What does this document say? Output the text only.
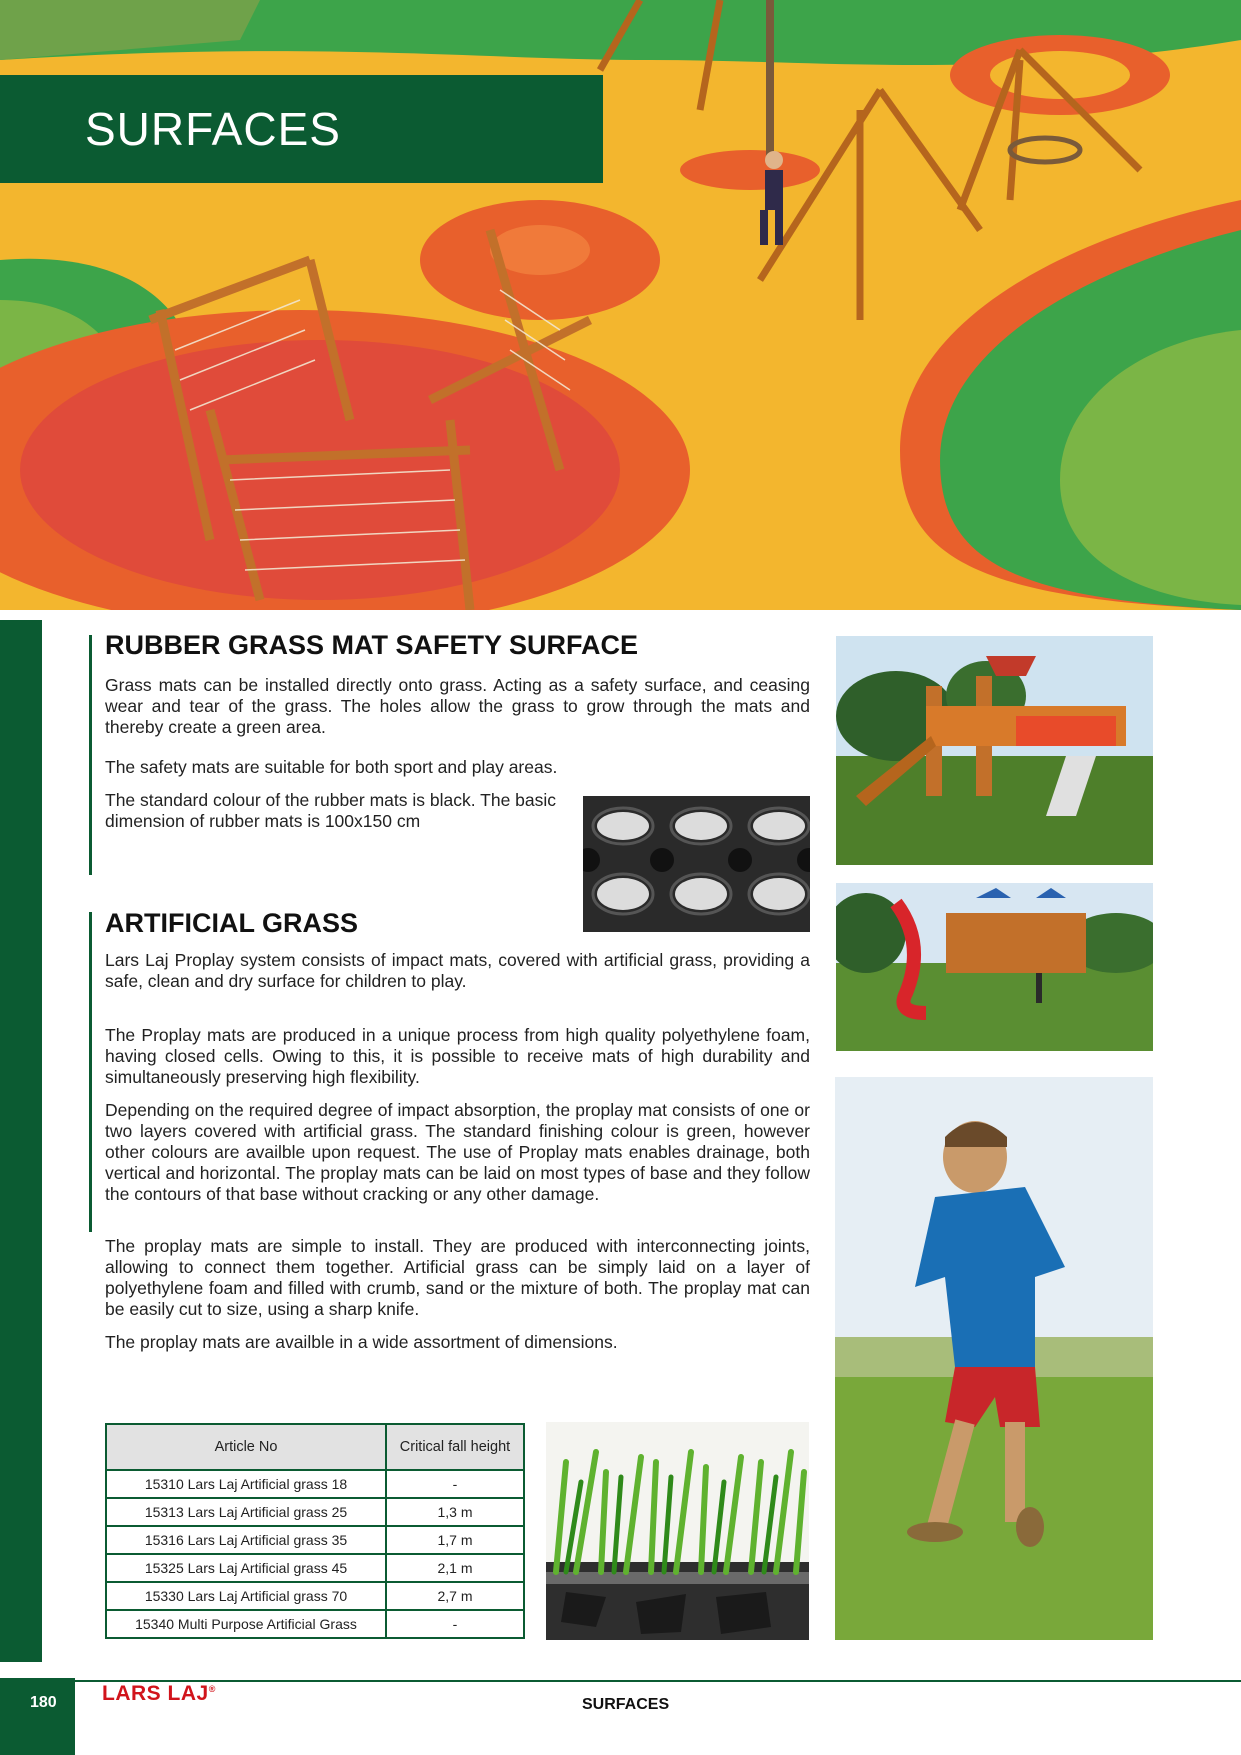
SURFACES
RUBBER GRASS MAT SAFETY SURFACE

Grass mats can be installed directly onto grass. Acting as a safety surface, and ceasing wear and tear of the grass. The holes allow the grass to grow through the mats and thereby create a green area.

The safety mats are suitable for both sport and play areas.

The standard colour of the rubber mats is black. The basic dimension of rubber mats is 100x150 cm

ARTIFICIAL GRASS

Lars Laj Proplay system consists of impact mats, covered with artificial grass, providing a safe, clean and dry surface for children to play.

The Proplay mats are produced in a unique process from high quality polyethylene foam, having closed cells. Owing to this, it is possible to receive mats of high durability and simultaneously preserving high flexibility.

Depending on the required degree of impact absorption, the proplay mat consists of one or two layers covered with artificial grass. The standard finishing colour is green, however other colours are availble upon request. The use of Proplay mats enables drainage, both vertical and horizontal. The proplay mats can be laid on most types of base and they follow the contours of that base without cracking or any other damage.

The proplay mats are simple to install. They are produced with interconnecting joints, allowing to connect them together. Artificial grass can be simply laid on a layer of polyethylene foam and filled with crumb, sand or the mixture of both. The proplay mat can be easily cut to size, using a sharp knife.

The proplay mats are availble in a wide assortment of dimensions.

Article No	Critical fall height
15310 Lars Laj Artificial grass 18	-
15313 Lars Laj Artificial grass 25	1,3 m
15316 Lars Laj Artificial grass 35	1,7 m
15325 Lars Laj Artificial grass 45	2,1 m
15330 Lars Laj Artificial grass 70	2,7 m
15340 Multi Purpose Artificial Grass	-
180 LARS LAJ®
SURFACES
